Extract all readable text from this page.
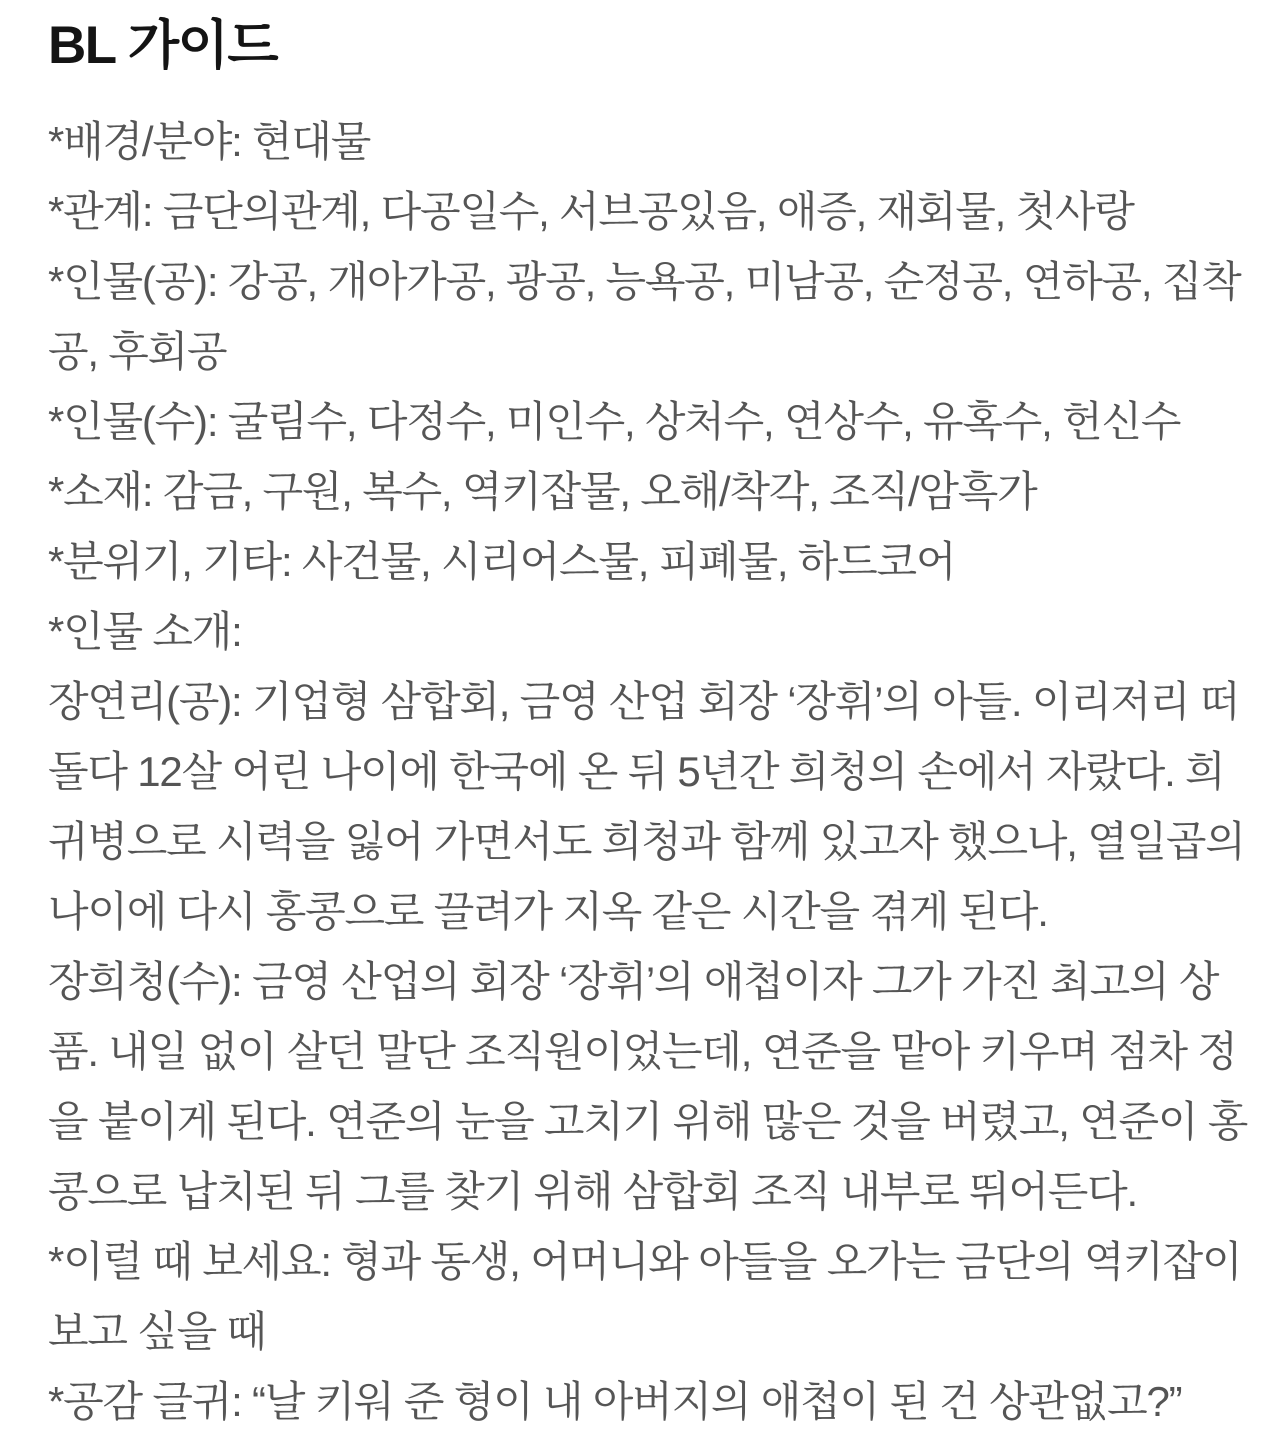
BL 가이드
*배경/분야: 현대물
*관계: 금단의관계, 다공일수, 서브공있음, 애증, 재회물, 첫사랑
*인물(공): 강공, 개아가공, 광공, 능욕공, 미남공, 순정공, 연하공, 집착
공, 후회공
*인물(수): 굴림수, 다정수, 미인수, 상처수, 연상수, 유혹수, 헌신수
*소재: 감금, 구원, 복수, 역키잡물, 오해/착각, 조직/암흑가
*분위기, 기타: 사건물, 시리어스물, 피폐물, 하드코어
*인물 소개:
장연리(공): 기업형 삼합회, 금영 산업 회장 ‘장휘’의 아들. 이리저리 떠
돌다 12살 어린 나이에 한국에 온 뒤 5년간 희청의 손에서 자랐다. 희
귀병으로 시력을 잃어 가면서도 희청과 함께 있고자 했으나, 열일곱의
나이에 다시 홍콩으로 끌려가 지옥 같은 시간을 겪게 된다.
장희청(수): 금영 산업의 회장 ‘장휘’의 애첩이자 그가 가진 최고의 상
품. 내일 없이 살던 말단 조직원이었는데, 연준을 맡아 키우며 점차 정
을 붙이게 된다. 연준의 눈을 고치기 위해 많은 것을 버렸고, 연준이 홍
콩으로 납치된 뒤 그를 찾기 위해 삼합회 조직 내부로 뛰어든다.
*이럴 때 보세요: 형과 동생, 어머니와 아들을 오가는 금단의 역키잡이
보고 싶을 때
*공감 글귀: “날 키워 준 형이 내 아버지의 애첩이 된 건 상관없고?”
